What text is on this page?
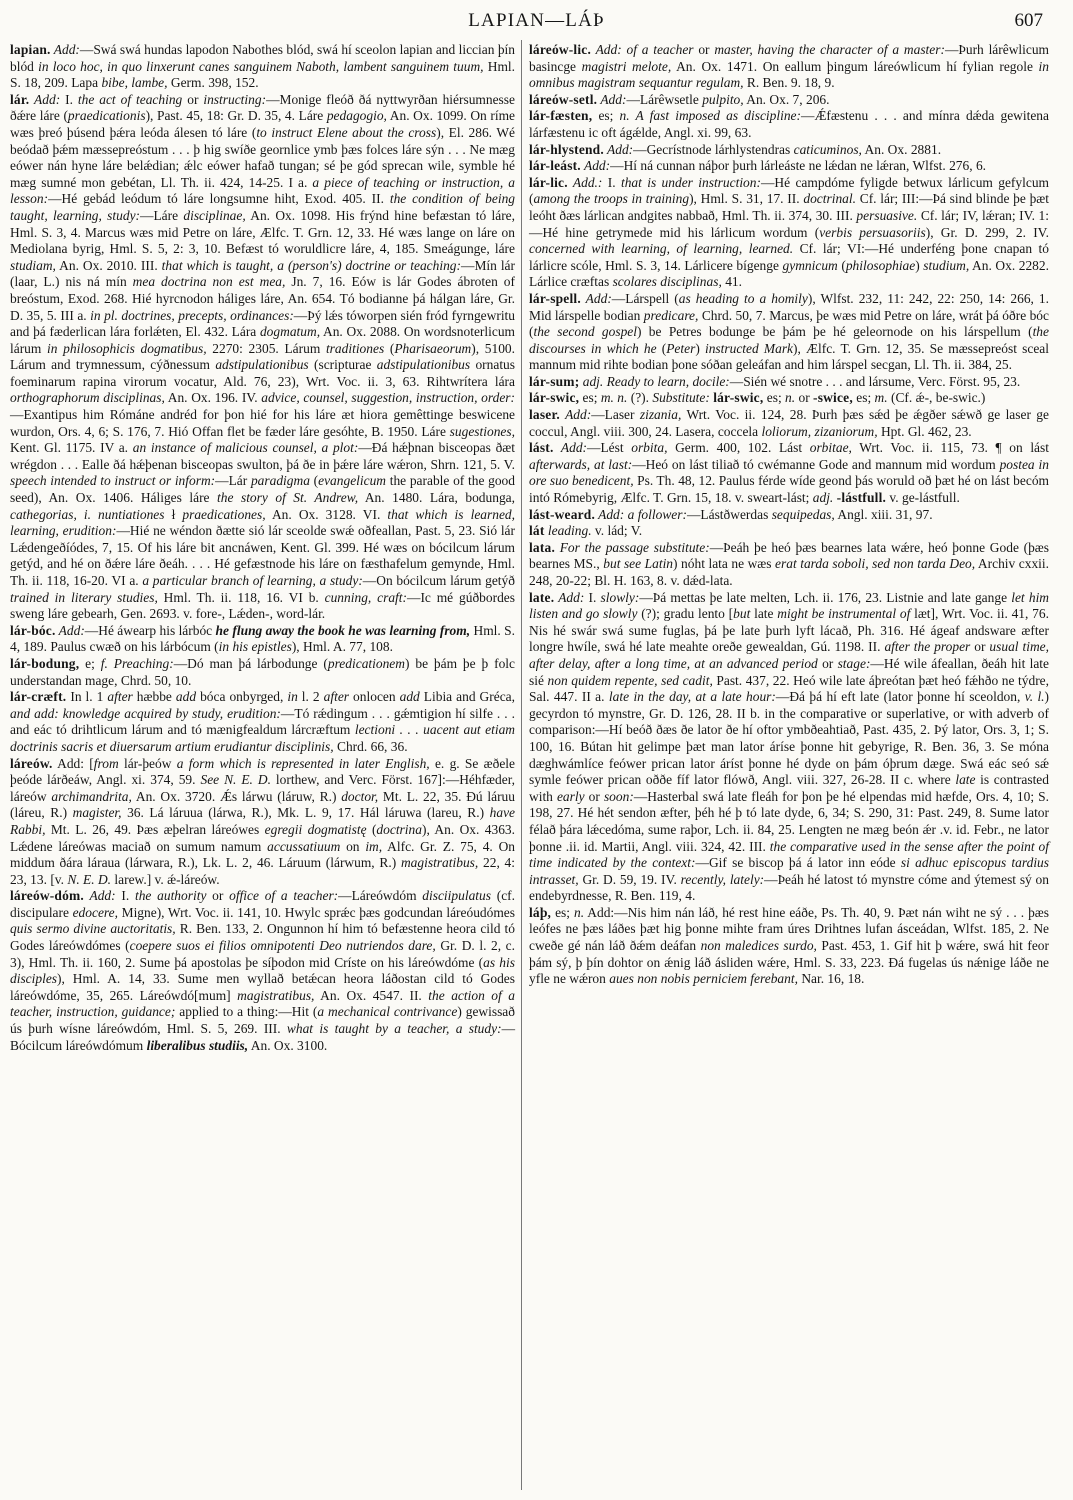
LAPIAN—LÁÞ	607

lapian. Add:—Swá swá hundas lapodon Nabothes blód, swá hí sceolon lapian and liccian þín blód in loco hoc, in quo linxerunt canes sanguinem Naboth, lambent sanguinem tuum, Hml. S. 18, 209. Lapa bibe, lambe, Germ. 398, 152.

lár. Add: I. the act of teaching or instructing:—Monige fleóð ðá nyttwyrðan hiérsumnesse ðǽre láre (praedicationis), Past. 45, 18: Gr. D. 35, 4. Láre pedagogio, An. Ox. 1099. On ríme wæs þreó þúsend þǽra leóda álesen tó láre (to instruct Elene about the cross), El. 286. Wé beódað þǽm mæssepreóstum . . . þ hig swíðe geornlice ymb þæs folces láre sýn . . . Ne mæg eówer nán hyne láre belǽdian; ǽlc eówer hafað tungan; sé þe gód sprecan wile, symble hé mæg sumné mon gebétan, Ll. Th. ii. 424, 14-25. I a. a piece of teaching or instruction, a lesson:—Hé gebád leódum tó láre longsumne hiht, Exod. 405. II. the condition of being taught, learning, study:—Láre disciplinae, An. Ox. 1098. His frýnd hine befæstan tó láre, Hml. S. 3, 4. Marcus wæs mid Petre on láre, Ælfc. T. Grn. 12, 33. Hé wæs lange on láre on Mediolana byrig, Hml. S. 5, 2: 3, 10. Befæst tó woruldlicre láre, 4, 185. Smeágunge, láre studiam, An. Ox. 2010. III. that which is taught, a (person's) doctrine or teaching:—Mín lár (laar, L.) nis ná mín mea doctrina non est mea, Jn. 7, 16. Eów is lár Godes ábroten of breóstum, Exod. 268. Hié hyrcnodon háliges láre, An. 654. Tó bodianne þá hálgan láre, Gr. D. 35, 5. III a. in pl. doctrines, precepts, ordinances:—Þý lǽs tóworpen sién fród fyrngewritu and þá fæderlican lára forlǽten, El. 432. Lára dogmatum, An. Ox. 2088. On wordsnoterlicum lárum in philosophicis dogmatibus, 2270: 2305. Lárum traditiones (Pharisaeorum), 5100. Lárum and trymnessum, cýðnessum adstipulationibus (scripturae adstipulationibus ornatus foeminarum rapina virorum vocatur, Ald. 76, 23), Wrt. Voc. ii. 3, 63. Rihtwrítera lára orthographorum disciplinas, An. Ox. 196. IV. advice, counsel, suggestion, instruction, order:—Exantipus him Rómáne andréd for þon hié for his láre æt hiora gemêttinge beswicene wurdon, Ors. 4, 6; S. 176, 7. Hió Offan flet be fæder láre gesóhte, B. 1950. Láre sugestiones, Kent. Gl. 1175. IV a. an instance of malicious counsel, a plot:—Ðá hǽþnan bisceopas ðæt wrégdon . . . Ealle ðá hǽþenan bisceopas swulton, þá ðe in þǽre láre wǽron, Shrn. 121, 5. V. speech intended to instruct or inform:—Lár paradigma (evangelicum the parable of the good seed), An. Ox. 1406. Háliges láre the story of St. Andrew, An. 1480. Lára, bodunga, cathegorias, i. nuntiationes ł praedicationes, An. Ox. 3128. VI. that which is learned, learning, erudition:—Hié ne wéndon ðætte sió lár sceolde swǽ oðfeallan, Past. 5, 23. Sió lár Lǽdengeðíódes, 7, 15. Of his láre bit ancnáwen, Kent. Gl. 399. Hé wæs on bócilcum lárum getýd, and hé on ðǽre láre ðeáh. . . . Hé gefæstnode his láre on fæsthafelum gemynde, Hml. Th. ii. 118, 16-20. VI a. a particular branch of learning, a study:—On bócilcum lárum getýð trained in literary studies, Hml. Th. ii. 118, 16. VI b. cunning, craft:—Ic mé gúðbordes sweng láre gebearh, Gen. 2693. v. fore-, Lǽden-, word-lár.

lár-bóc. Add:—Hé áwearp his lárbóc he flung away the book he was learning from, Hml. S. 4, 189. Paulus cwæð on his lárbócum (in his epistles), Hml. A. 77, 108.

lár-bodung, e; f. Preaching:—Dó man þá lárbodunge (predicationem) be þám þe þ folc understandan mage, Chrd. 50, 10.

lár-cræft. In l. 1 after hæbbe add bóca onbyrged, in l. 2 after onlocen add Libia and Gréca, and add: knowledge acquired by study, erudition:—Tó rǽdingum . . . gǽmtigion hí silfe . . . and eác tó drihtlicum lárum and tó mænigfealdum lárcræftum lectioni . . . uacent aut etiam doctrinis sacris et diuersarum artium erudiantur disciplinis, Chrd. 66, 36.

láreów. Add: [from lár-þeów a form which is represented in later English, e. g. Se æðele þeóde lárðeáw, Angl. xi. 374, 59. See N. E. D. lorthew, and Verc. Först. 167]:—Héhfæder, láreów archimandrita, An. Ox. 3720. Ǽs lárwu (láruw, R.) doctor, Mt. L. 22, 35. Ðú láruu (láreu, R.) magister, 36. Lá láruua (lárwa, R.), Mk. L. 9, 17. Hál láruwa (lareu, R.) have Rabbi, Mt. L. 26, 49. Þæs æþelran láreówes egregii dogmatistę (doctrina), An. Ox. 4363. Lǽdene láreówas maciað on sumum namum accussatiuum on im, Alfc. Gr. Z. 75, 4. On middum ðára láraua (lárwara, R.), Lk. L. 2, 46. Láruum (lárwum, R.) magistratibus, 22, 4: 23, 13. [v. N. E. D. larew.] v. ǽ-láreów.

láreów-dóm. Add: I. the authority or office of a teacher:—Láreówdóm disciipulatus (cf. discipulare edocere, Migne), Wrt. Voc. ii. 141, 10. Hwylc sprǽc þæs godcundan láreóudómes quis sermo divine auctoritatis, R. Ben. 133, 2. Ongunnon hí him tó befæstenne heora cild tó Godes láreówdómes (coepere suos ei filios omnipotenti Deo nutriendos dare, Gr. D. l. 2, c. 3), Hml. Th. ii. 160, 2. Sume þá apostolas þe síþodon mid Críste on his láreówdóme (as his disciples), Hml. A. 14, 33. Sume men wyllað betǽcan heora láðostan cild tó Godes láreówdóme, 35, 265. Láreówdó[mum] magistratibus, An. Ox. 4547. II. the action of a teacher, instruction, guidance; applied to a thing:—Hit (a mechanical contrivance) gewissað ús þurh wísne láreówdóm, Hml. S. 5, 269. III. what is taught by a teacher, a study:—Bócilcum láreówdómum liberalibus studiis, An. Ox. 3100.

láreów-lic. Add: of a teacher or master, having the character of a master:—Þurh lárêwlicum basincge magistri melote, An. Ox. 1471. On eallum þingum láreówlicum hí fylian regole in omnibus magistram sequantur regulam, R. Ben. 9. 18, 9.

láreów-setl. Add:—Lárêwsetle pulpito, An. Ox. 7, 206.

lár-fæsten, es; n. A fast imposed as discipline:—Ǽfæstenu . . . and mínra dǽda gewitena lárfæstenu ic oft ágǽlde, Angl. xi. 99, 63.

lár-hlystend. Add:—Gecrístnode lárhlystendras caticuminos, An. Ox. 2881.

lár-leást. Add:—Hí ná cunnan náþor þurh lárleáste ne lǽdan ne lǽran, Wlfst. 276, 6.

lár-lic. Add.: I. that is under instruction:—Hé campdóme fyligde betwux lárlicum gefylcum (among the troops in training), Hml. S. 31, 17. II. doctrinal. Cf. lár; III:—Þá sind blinde þe þæt leóht ðæs lárlican andgites nabbað, Hml. Th. ii. 374, 30. III. persuasive. Cf. lár; IV, lǽran; IV. 1:—Hé hine getrymede mid his lárlicum wordum (verbis persuasoriis), Gr. D. 299, 2. IV. concerned with learning, of learning, learned. Cf. lár; VI:—Hé underféng þone cnapan tó lárlicre scóle, Hml. S. 3, 14. Lárlicere bígenge gymnicum (philosophiae) studium, An. Ox. 2282. Lárlice cræftas scolares disciplinas, 41.

lár-spell. Add:—Lárspell (as heading to a homily), Wlfst. 232, 11: 242, 22: 250, 14: 266, 1. Mid lárspelle bodian predicare, Chrd. 50, 7. Marcus, þe wæs mid Petre on láre, wrát þá óðre bóc (the second gospel) be Petres bodunge be þám þe hé geleornode on his lárspellum (the discourses in which he (Peter) instructed Mark), Ælfc. T. Grn. 12, 35. Se mæssepreóst sceal mannum mid rihte bodian þone sóðan geleáfan and him lárspel secgan, Ll. Th. ii. 384, 25.

lár-sum; adj. Ready to learn, docile:—Sién wé snotre . . . and lársume, Verc. Först. 95, 23.

lár-swic, es; m. n. (?). Substitute: lár-swic, es; n. or -swice, es; m. (Cf. ǽ-, be-swic.)

laser. Add:—Laser zizania, Wrt. Voc. ii. 124, 28. Þurh þæs sǽd þe ǽgðer sǽwð ge laser ge coccul, Angl. viii. 300, 24. Lasera, coccela loliorum, zizaniorum, Hpt. Gl. 462, 23.

lást. Add:—Lést orbita, Germ. 400, 102. Lást orbitae, Wrt. Voc. ii. 115, 73. ¶ on lást afterwards, at last:—Heó on lást tiliað tó cwémanne Gode and mannum mid wordum postea in ore suo benedicent, Ps. Th. 48, 12. Paulus férde wíde geond þás woruld oð þæt hé on lást becóm intó Rómebyrig, Ælfc. T. Grn. 15, 18. v. sweart-lást; adj. -lástfull. v. ge-lástfull.

lást-weard. Add: a follower:—Lástðwerdas sequipedas, Angl. xiii. 31, 97.

lát leading. v. lád; V.

lata. For the passage substitute:—Þeáh þe heó þæs bearnes lata wǽre, heó þonne Gode (þæs bearnes MS., but see Latin) nóht lata ne wæs erat tarda soboli, sed non tarda Deo, Archiv cxxii. 248, 20-22; Bl. H. 163, 8. v. dǽd-lata.

late. Add: I. slowly:—Þá mettas þe late melten, Lch. ii. 176, 23. Listnie and late gange let him listen and go slowly (?); gradu lento [but late might be instrumental of læt], Wrt. Voc. ii. 41, 76. Nis hé swár swá sume fuglas, þá þe late þurh lyft lácað, Ph. 316. Hé ágeaf andsware æfter longre hwíle, swá hé late meahte oreðe gewealdan, Gú. 1198. II. after the proper or usual time, after delay, after a long time, at an advanced period or stage:—Hé wile áfeallan, ðeáh hit late sié non quidem repente, sed cadit, Past. 437, 22. Heó wile late áþreótan þæt heó fǽhðo ne týdre, Sal. 447. II a. late in the day, at a late hour:—Ðá þá hí eft late (lator þonne hí sceoldon, v. l.) gecyrdon tó mynstre, Gr. D. 126, 28. II b. in the comparative or superlative, or with adverb of comparison:—Hí beóð ðæs ðe lator ðe hí oftor ymbðeahtiað, Past. 435, 2. Þý lator, Ors. 3, 1; S. 100, 16. Bútan hit gelimpe þæt man lator áríse þonne hit gebyrige, R. Ben. 36, 3. Se móna dæghwámlíce feówer prican lator áríst þonne hé dyde on þám óþrum dæge. Swá eác seó sǽ symle feówer prican oððe fíf lator flówð, Angl. viii. 327, 26-28. II c. where late is contrasted with early or soon:—Hasterbal swá late fleáh for þon þe hé elpendas mid hæfde, Ors. 4, 10; S. 198, 27. Hé hét sendon æfter, þéh hé þ tó late dyde, 6, 34; S. 290, 31: Past. 249, 8. Sume lator félað þára lǽcedóma, sume raþor, Lch. ii. 84, 25. Lengten ne mæg beón ǽr .v. id. Febr., ne lator þonne .ii. id. Martii, Angl. viii. 324, 42. III. the comparative used in the sense after the point of time indicated by the context:—Gif se biscop þá á lator inn eóde si adhuc episcopus tardius intrasset, Gr. D. 59, 19. IV. recently, lately:—Þeáh hé latost tó mynstre cóme and ýtemest sý on endebyrdnesse, R. Ben. 119, 4.

láþ, es; n. Add:—Nis him nán láð, hé rest hine eáðe, Ps. Th. 40, 9. Þæt nán wiht ne sý . . . þæs leófes ne þæs láðes þæt hig þonne mihte fram úres Drihtnes lufan ásceádan, Wlfst. 185, 2. Ne cweðe gé nán láð ðǽm deáfan non maledices surdo, Past. 453, 1. Gif hit þ wǽre, swá hit feor þám sý, þ þín dohtor on ǽnig láð ásliden wǽre, Hml. S. 33, 223. Ðá fugelas ús nǽnige láðe ne yfle ne wǽron aues non nobis perniciem ferebant, Nar. 16, 18.
